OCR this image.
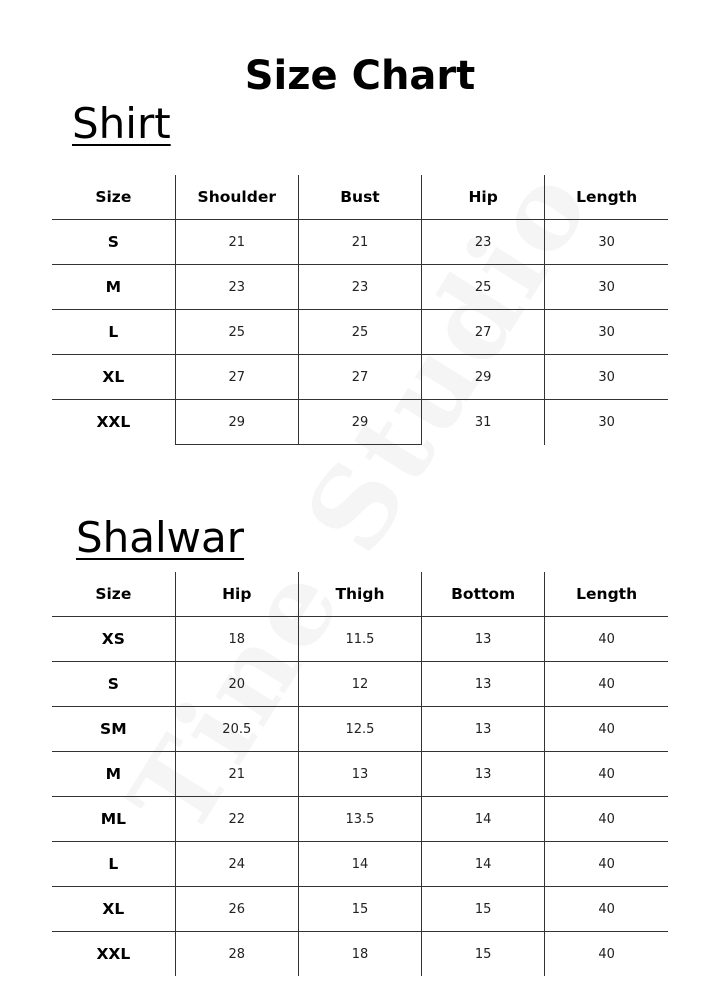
Size Chart
Shirt
Size	Shoulder	Bust	Hip	Length
S	21	21	23	30
M	23	23	25	30
L	25	25	27	30
XL	27	27	29	30
XXL	29	29	31	30
Shalwar
Size	Hip	Thigh	Bottom	Length
XS	18	11.5	13	40
S	20	12	13	40
SM	20.5	12.5	13	40
M	21	13	13	40
ML	22	13.5	14	40
L	24	14	14	40
XL	26	15	15	40
XXL	28	18	15	40
